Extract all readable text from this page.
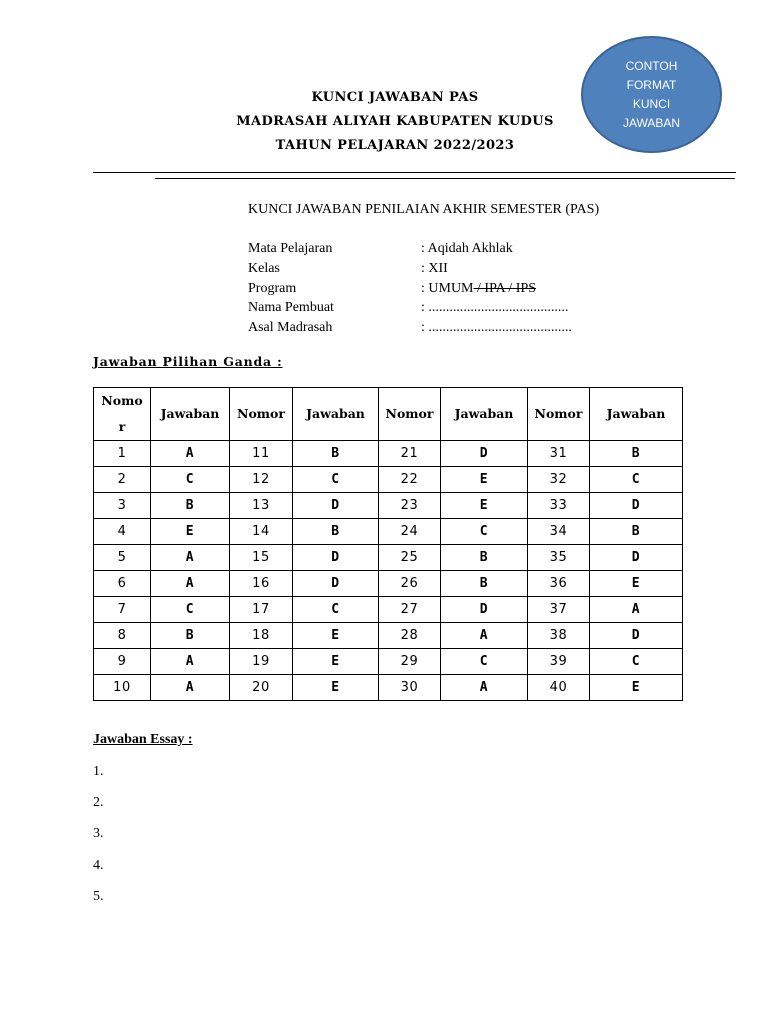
CONTOH
FORMAT
KUNCI
JAWABAN
KUNCI JAWABAN PAS
MADRASAH ALIYAH KABUPATEN KUDUS
TAHUN PELAJARAN 2022/2023
KUNCI JAWABAN PENILAIAN AKHIR SEMESTER (PAS)
Mata Pelajaran	: Aqidah Akhlak
Kelas	: XII
Program	: UMUM / IPA / IPS
Nama Pembuat	: ........................................
Asal Madrasah	: .........................................
Jawaban Pilihan Ganda :
Nomor	Jawaban	Nomor	Jawaban	Nomor	Jawaban	Nomor	Jawaban
1	A	11	B	21	D	31	B
2	C	12	C	22	E	32	C
3	B	13	D	23	E	33	D
4	E	14	B	24	C	34	B
5	A	15	D	25	B	35	D
6	A	16	D	26	B	36	E
7	C	17	C	27	D	37	A
8	B	18	E	28	A	38	D
9	A	19	E	29	C	39	C
10	A	20	E	30	A	40	E
Jawaban Essay :
1.
2.
3.
4.
5.
